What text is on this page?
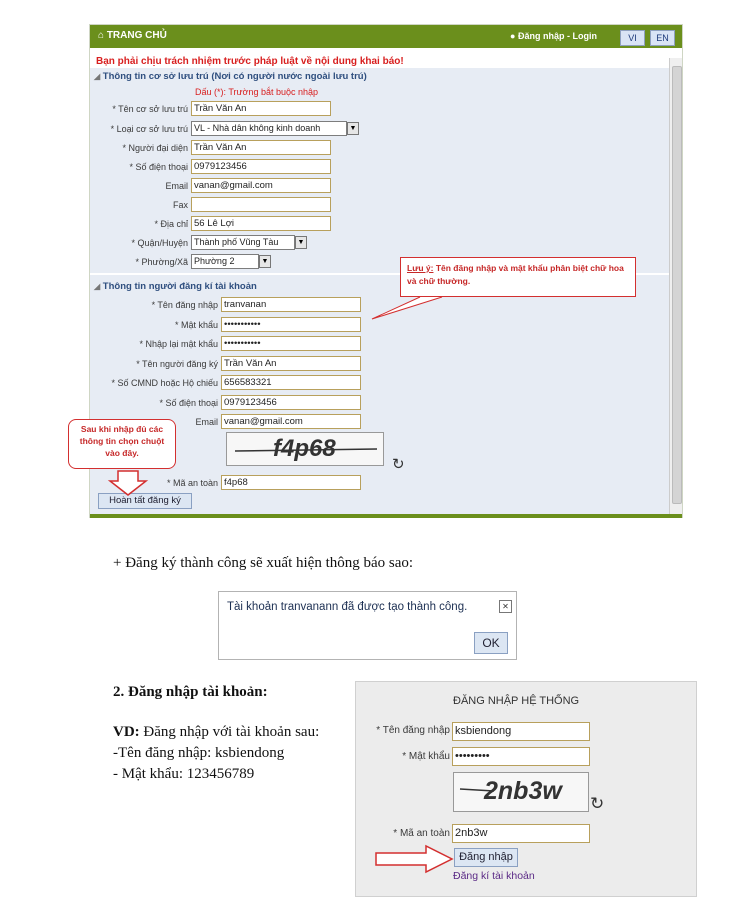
⌂ TRANG CHỦ	● Đăng nhập - Login	VI	EN
Bạn phải chịu trách nhiệm trước pháp luật về nội dung khai báo!
◢ Thông tin cơ sở lưu trú (Nơi có người nước ngoài lưu trú)
Dấu (*): Trường bắt buộc nhập
◢ Thông tin người đăng kí tài khoản
f4p68
↻
* Mã an toàn f4p68
Hoàn tất đăng ký
Lưu ý: Tên đăng nhập và mật khẩu phân biệt chữ hoa và chữ thường.
Sau khi nhập đủ các thông tin chọn chuột vào đây.
* Tên cơ sở lưu trú Trần Văn An
* Loại cơ sở lưu trú VL - Nhà dân không kinh doanh	▼
* Người đại diện Trần Văn An
* Số điện thoại 0979123456
Email vanan@gmail.com
Fax
* Địa chỉ 56 Lê Lợi
* Quận/Huyện Thành phố Vũng Tàu	▼
* Phường/Xã Phường 2	▼
* Tên đăng nhập tranvanan
* Mật khẩu •••••••••••
* Nhập lại mật khẩu •••••••••••
* Tên người đăng ký Trần Văn An
* Số CMND hoặc Hộ chiếu 656583321
* Số điện thoại 0979123456
Email vanan@gmail.com
+ Đăng ký thành công sẽ xuất hiện thông báo sao:
Tài khoản tranvanann đã được tạo thành công.	✕
OK
2. Đăng nhập tài khoản:
VD: Đăng nhập với tài khoản sau:
-Tên đăng nhập: ksbiendong
- Mật khẩu: 123456789
ĐĂNG NHẬP HỆ THỐNG
* Tên đăng nhập ksbiendong
* Mật khẩu •••••••••
2nb3w ↻
* Mã an toàn 2nb3w
Đăng nhập
Đăng kí tài khoản
